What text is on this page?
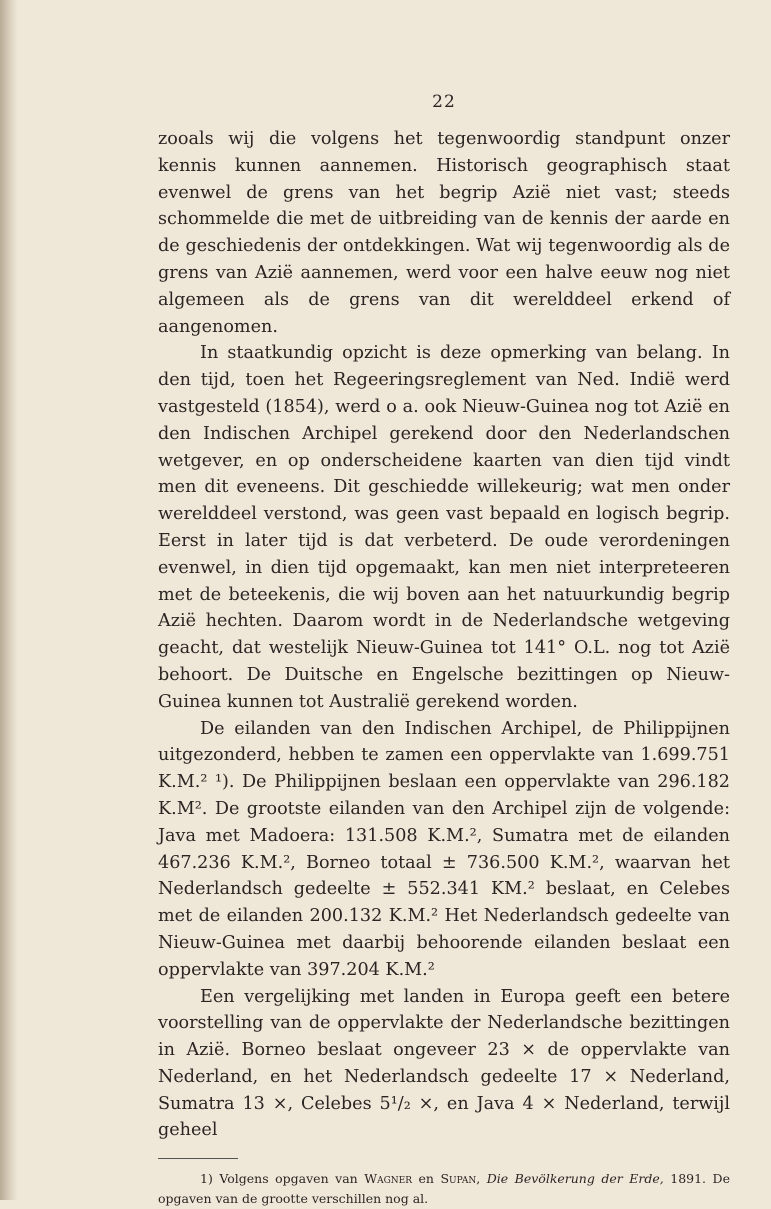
22

zooals wij die volgens het tegenwoordig standpunt onzer kennis kunnen aannemen. Historisch geographisch staat evenwel de grens van het begrip Azië niet vast; steeds schommelde die met de uitbreiding van de kennis der aarde en de geschiedenis der ontdekkingen. Wat wij tegenwoordig als de grens van Azië aannemen, werd voor een halve eeuw nog niet algemeen als de grens van dit werelddeel erkend of aangenomen.

In staatkundig opzicht is deze opmerking van belang. In den tijd, toen het Regeeringsreglement van Ned. Indië werd vastgesteld (1854), werd o a. ook Nieuw-Guinea nog tot Azië en den Indischen Archipel gerekend door den Nederlandschen wetgever, en op onderscheidene kaarten van dien tijd vindt men dit eveneens. Dit geschiedde willekeurig; wat men onder werelddeel verstond, was geen vast bepaald en logisch begrip. Eerst in later tijd is dat verbeterd. De oude verordeningen evenwel, in dien tijd opgemaakt, kan men niet interpreteeren met de beteekenis, die wij boven aan het natuurkundig begrip Azië hechten. Daarom wordt in de Nederlandsche wetgeving geacht, dat westelijk Nieuw-Guinea tot 141° O.L. nog tot Azië behoort. De Duitsche en Engelsche bezittingen op Nieuw-Guinea kunnen tot Australië gerekend worden.

De eilanden van den Indischen Archipel, de Philippijnen uitgezonderd, hebben te zamen een oppervlakte van 1.699.751 K.M.² ¹). De Philippijnen beslaan een oppervlakte van 296.182 K.M². De grootste eilanden van den Archipel zijn de volgende: Java met Madoera: 131.508 K.M.², Sumatra met de eilanden 467.236 K.M.², Borneo totaal ± 736.500 K.M.², waarvan het Nederlandsch gedeelte ± 552.341 KM.² beslaat, en Celebes met de eilanden 200.132 K.M.² Het Nederlandsch gedeelte van Nieuw-Guinea met daarbij behoorende eilanden beslaat een oppervlakte van 397.204 K.M.²

Een vergelijking met landen in Europa geeft een betere voorstelling van de oppervlakte der Nederlandsche bezittingen in Azië. Borneo beslaat ongeveer 23 × de oppervlakte van Nederland, en het Nederlandsch gedeelte 17 × Nederland, Sumatra 13 ×, Celebes 5¹/₂ ×, en Java 4 × Nederland, terwijl geheel

1) Volgens opgaven van Wagner en Supan, Die Bevölkerung der Erde, 1891. De opgaven van de grootte verschillen nog al.
